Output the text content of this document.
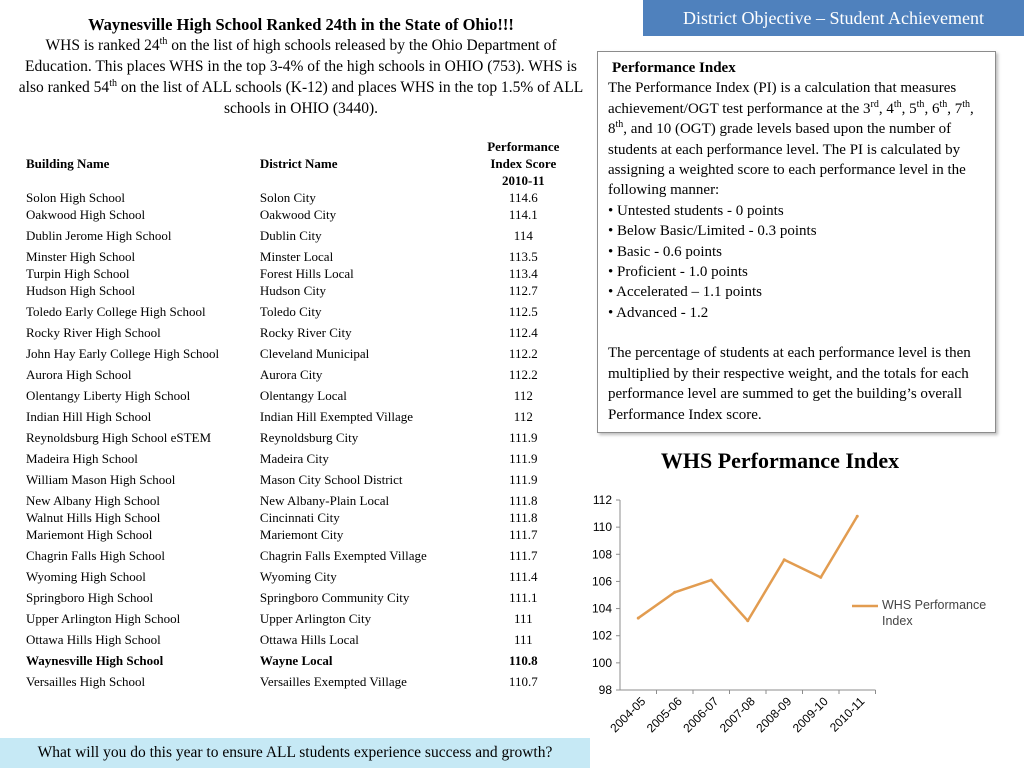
District Objective – Student Achievement
Waynesville High School Ranked 24th in the State of Ohio!!!
WHS is ranked 24th on the list of high schools released by the Ohio Department of Education. This places WHS in the top 3-4% of the high schools in OHIO (753). WHS is also ranked 54th on the list of ALL schools (K-12) and places WHS in the top 1.5% of ALL schools in OHIO (3440).
Building Name	District Name	Performance
Index Score
2010-11
Solon High School	Solon City	114.6
Oakwood High School	Oakwood City	114.1
Dublin Jerome High School	Dublin City	114
Minster High School	Minster Local	113.5
Turpin High School	Forest Hills Local	113.4
Hudson High School	Hudson City	112.7
Toledo Early College High School	Toledo City	112.5
Rocky River High School	Rocky River City	112.4
John Hay Early College High School	Cleveland Municipal	112.2
Aurora High School	Aurora City	112.2
Olentangy Liberty High School	Olentangy Local	112
Indian Hill High School	Indian Hill Exempted Village	112
Reynoldsburg High School eSTEM	Reynoldsburg City	111.9
Madeira High School	Madeira City	111.9
William Mason High School	Mason City School District	111.9
New Albany High School	New Albany-Plain Local	111.8
Walnut Hills High School	Cincinnati City	111.8
Mariemont High School	Mariemont City	111.7
Chagrin Falls High School	Chagrin Falls Exempted Village	111.7
Wyoming High School	Wyoming City	111.4
Springboro High School	Springboro Community City	111.1
Upper Arlington High School	Upper Arlington City	111
Ottawa Hills High School	Ottawa Hills Local	111
Waynesville High School	Wayne Local	110.8
Versailles High School	Versailles Exempted Village	110.7
Performance Index

The Performance Index (PI) is a calculation that measures achievement/OGT test performance at the 3rd, 4th, 5th, 6th, 7th, 8th, and 10 (OGT) grade levels based upon the number of students at each performance level. The PI is calculated by assigning a weighted score to each performance level in the following manner:

• Untested students - 0 points
• Below Basic/Limited - 0.3 points
• Basic - 0.6 points
• Proficient - 1.0 points
• Accelerated – 1.1 points
• Advanced - 1.2

The percentage of students at each performance level is then multiplied by their respective weight, and the totals for each performance level are summed to get the building’s overall Performance Index score.

WHS Performance Index
98
100
102
104
106
108
110
112
2004-05
2005-06
2006-07
2007-08
2008-09
2009-10
2010-11
WHS Performance Index
What will you do this year to ensure ALL students experience success and growth?
